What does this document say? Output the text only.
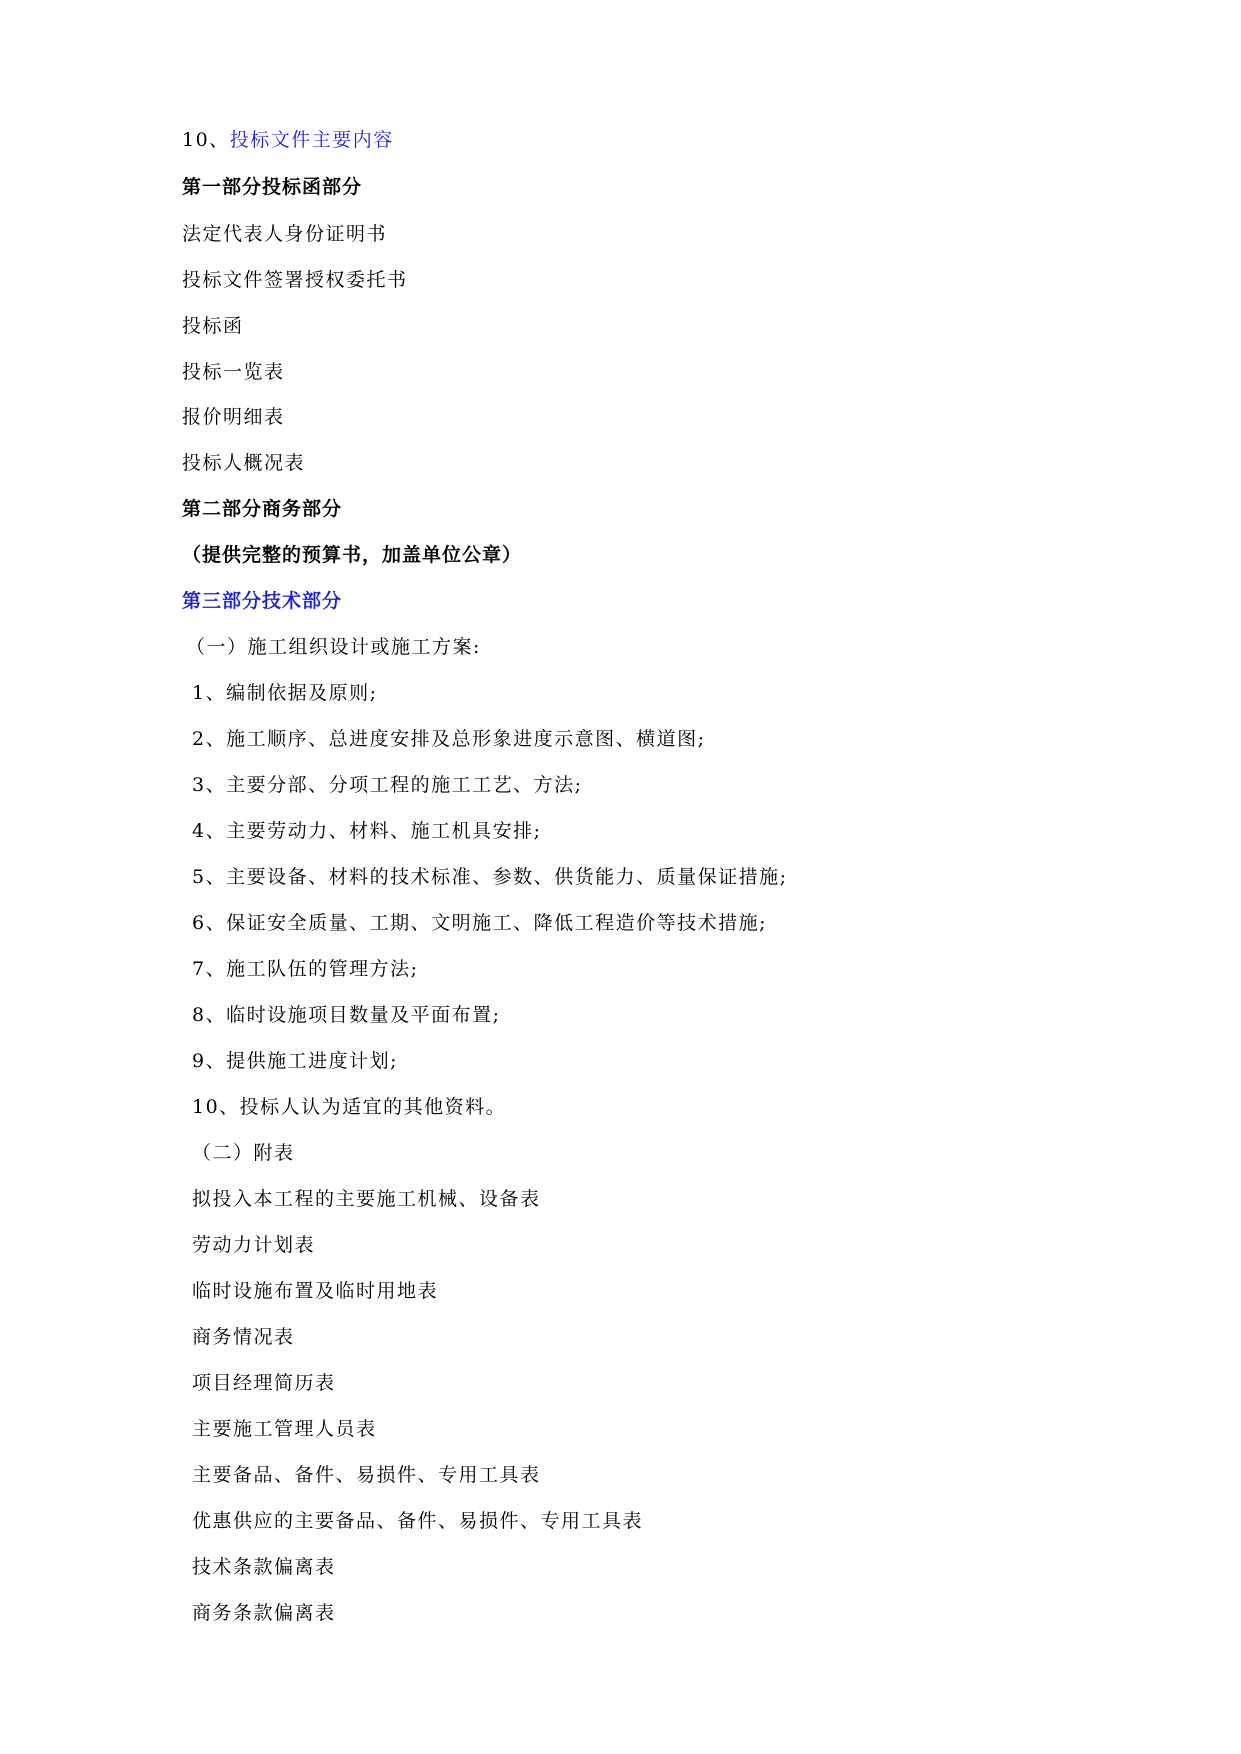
10、投标文件主要内容
第一部分投标函部分
法定代表人身份证明书
投标文件签署授权委托书
投标函
投标一览表
报价明细表
投标人概况表
第二部分商务部分
（提供完整的预算书，加盖单位公章）
第三部分技术部分
（一）施工组织设计或施工方案:
1、编制依据及原则;
2、施工顺序、总进度安排及总形象进度示意图、横道图;
3、主要分部、分项工程的施工工艺、方法;
4、主要劳动力、材料、施工机具安排;
5、主要设备、材料的技术标准、参数、供货能力、质量保证措施;
6、保证安全质量、工期、文明施工、降低工程造价等技术措施;
7、施工队伍的管理方法;
8、临时设施项目数量及平面布置;
9、提供施工进度计划;
10、投标人认为适宜的其他资料。
（二）附表
拟投入本工程的主要施工机械、设备表
劳动力计划表
临时设施布置及临时用地表
商务情况表
项目经理简历表
主要施工管理人员表
主要备品、备件、易损件、专用工具表
优惠供应的主要备品、备件、易损件、专用工具表
技术条款偏离表
商务条款偏离表
